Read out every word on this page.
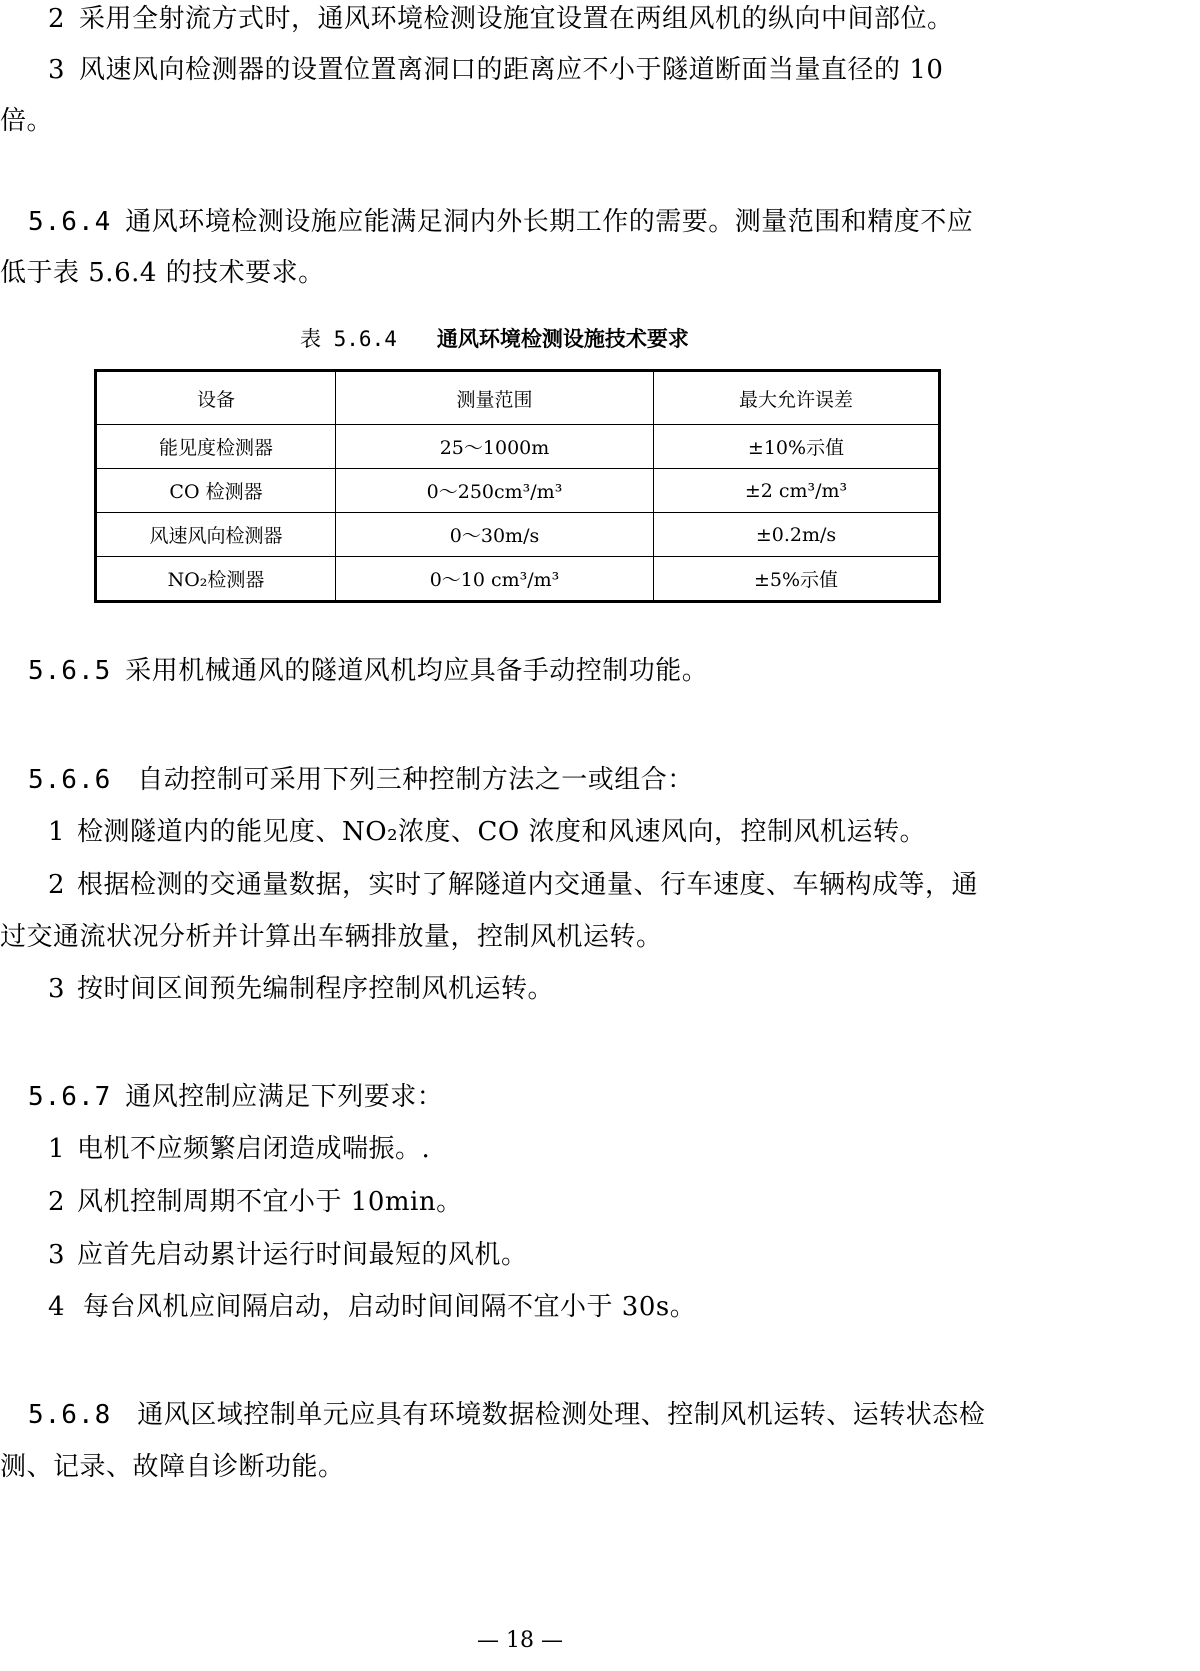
2 采用全射流方式时，通风环境检测设施宜设置在两组风机的纵向中间部位。

3 风速风向检测器的设置位置离洞口的距离应不小于隧道断面当量直径的 10

倍。

5.6.4 通风环境检测设施应能满足洞内外长期工作的需要。测量范围和精度不应

低于表 5.6.4 的技术要求。

表 5.6.4 通风环境检测设施技术要求

设备	测量范围	最大允许误差
能见度检测器	25～1000m	±10%示值
CO 检测器	0～250cm³/m³	±2 cm³/m³
风速风向检测器	0～30m/s	±0.2m/s
NO₂检测器	0～10 cm³/m³	±5%示值

5.6.5 采用机械通风的隧道风机均应具备手动控制功能。

5.6.6 自动控制可采用下列三种控制方法之一或组合：

1 检测隧道内的能见度、NO₂浓度、CO 浓度和风速风向，控制风机运转。

2 根据检测的交通量数据，实时了解隧道内交通量、行车速度、车辆构成等，通

过交通流状况分析并计算出车辆排放量，控制风机运转。

3 按时间区间预先编制程序控制风机运转。

5.6.7 通风控制应满足下列要求：

1 电机不应频繁启闭造成喘振。.

2 风机控制周期不宜小于 10min。

3 应首先启动累计运行时间最短的风机。

4 每台风机应间隔启动，启动时间间隔不宜小于 30s。

5.6.8 通风区域控制单元应具有环境数据检测处理、控制风机运转、运转状态检

测、记录、故障自诊断功能。

— 18 —
